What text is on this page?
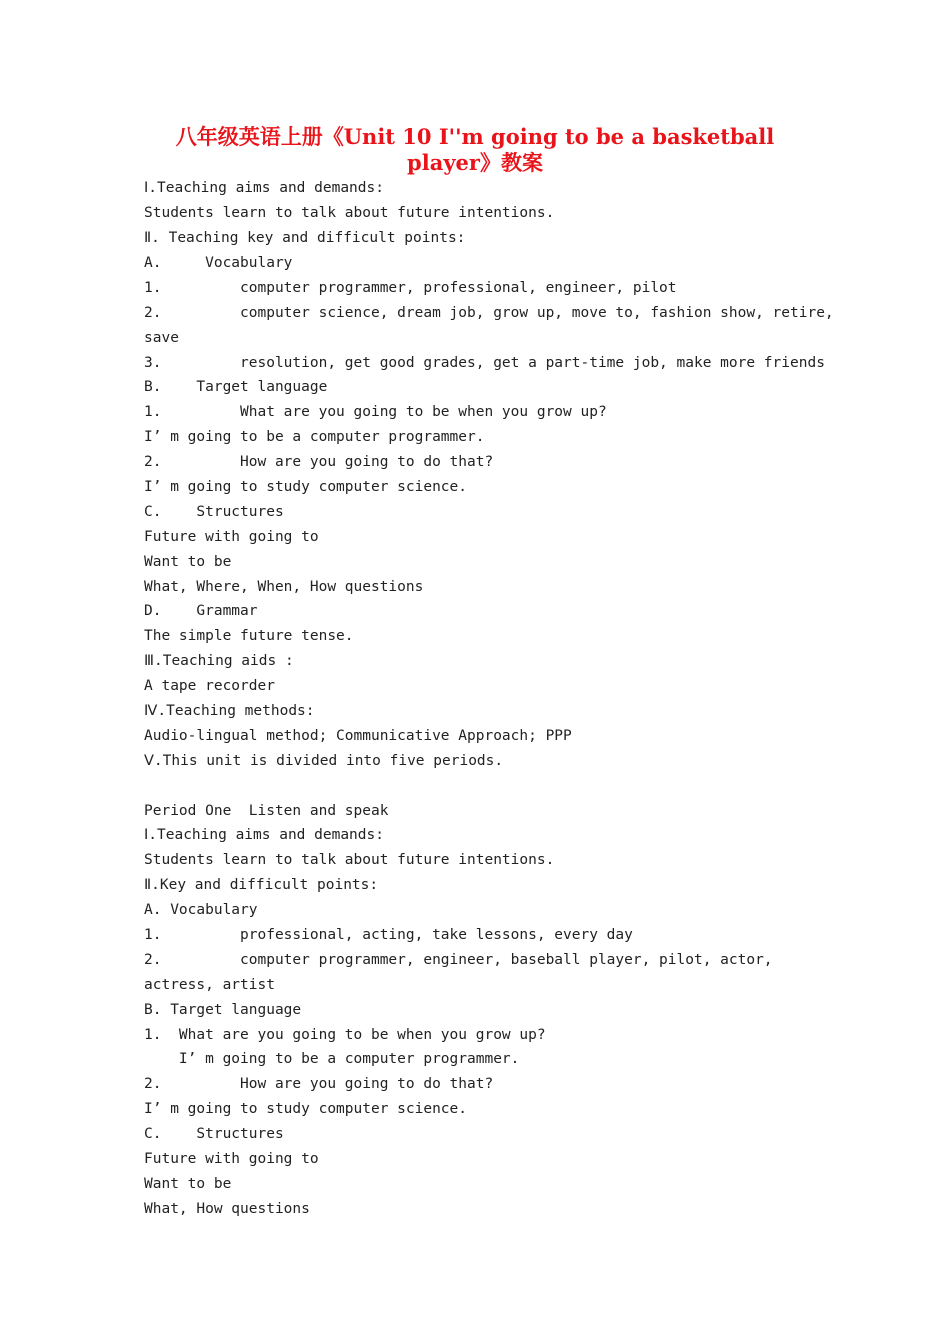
八年级英语上册《Unit 10 I''m going to be a basketball
player》教案
Ⅰ.Teaching aims and demands:
Students learn to talk about future intentions.
Ⅱ. Teaching key and difficult points:
A.     Vocabulary
1.         computer programmer, professional, engineer, pilot
2.         computer science, dream job, grow up, move to, fashion show, retire,
save
3.         resolution, get good grades, get a part-time job, make more friends
B.    Target language
1.         What are you going to be when you grow up?
I’ m going to be a computer programmer.
2.         How are you going to do that?
I’ m going to study computer science.
C.    Structures
Future with going to
Want to be
What, Where, When, How questions
D.    Grammar
The simple future tense.
Ⅲ.Teaching aids :
A tape recorder
Ⅳ.Teaching methods:
Audio-lingual method; Communicative Approach; PPP
Ⅴ.This unit is divided into five periods.
Period One  Listen and speak
Ⅰ.Teaching aims and demands:
Students learn to talk about future intentions.
Ⅱ.Key and difficult points:
A. Vocabulary
1.         professional, acting, take lessons, every day
2.         computer programmer, engineer, baseball player, pilot, actor,
actress, artist
B. Target language
1.  What are you going to be when you grow up?
I’ m going to be a computer programmer.
2.         How are you going to do that?
I’ m going to study computer science.
C.    Structures
Future with going to
Want to be
What, How questions
